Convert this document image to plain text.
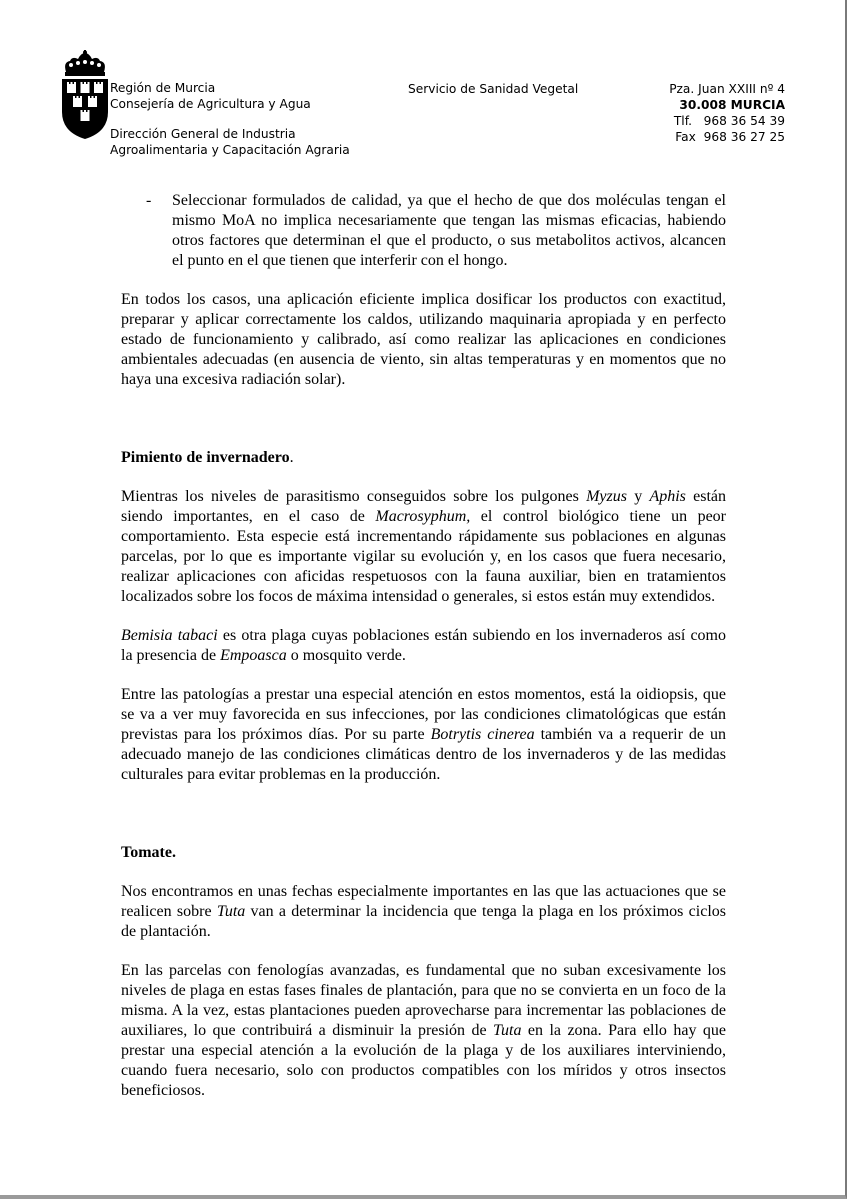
Región de Murcia
Consejería de Agricultura y Agua
Dirección General de Industria
Agroalimentaria y Capacitación Agraria
Servicio de Sanidad Vegetal	Pza. Juan XXIII nº 4
30.008 MURCIA
Tlf.   968 36 54 39
Fax  968 36 27 25

- Seleccionar formulados de calidad, ya que el hecho de que dos moléculas tengan el mismo MoA no implica necesariamente que tengan las mismas eficacias, habiendo otros factores que determinan el que el producto, o sus metabolitos activos, alcancen el punto en el que tienen que interferir con el hongo.

En todos los casos, una aplicación eficiente implica dosificar los productos con exactitud, preparar y aplicar correctamente los caldos, utilizando maquinaria apropiada y en perfecto estado de funcionamiento y calibrado, así como realizar las aplicaciones en condiciones ambientales adecuadas (en ausencia de viento, sin altas temperaturas y en momentos que no haya una excesiva radiación solar).

Pimiento de invernadero.

Mientras los niveles de parasitismo conseguidos sobre los pulgones Myzus y Aphis están siendo importantes, en el caso de Macrosyphum, el control biológico tiene un peor comportamiento. Esta especie está incrementando rápidamente sus poblaciones en algunas parcelas, por lo que es importante vigilar su evolución y, en los casos que fuera necesario, realizar aplicaciones con aficidas respetuosos con la fauna auxiliar, bien en tratamientos localizados sobre los focos de máxima intensidad o generales, si estos están muy extendidos.

Bemisia tabaci es otra plaga cuyas poblaciones están subiendo en los invernaderos así como la presencia de Empoasca o mosquito verde.

Entre las patologías a prestar una especial atención en estos momentos, está la oidiopsis, que se va a ver muy favorecida en sus infecciones, por las condiciones climatológicas que están previstas para los próximos días. Por su parte Botrytis cinerea también va a requerir de un adecuado manejo de las condiciones climáticas dentro de los invernaderos y de las medidas culturales para evitar problemas en la producción.

Tomate.

Nos encontramos en unas fechas especialmente importantes en las que las actuaciones que se realicen sobre Tuta van a determinar la incidencia que tenga la plaga en los próximos ciclos de plantación.

En las parcelas con fenologías avanzadas, es fundamental que no suban excesivamente los niveles de plaga en estas fases finales de plantación, para que no se convierta en un foco de la misma. A la vez, estas plantaciones pueden aprovecharse para incrementar las poblaciones de auxiliares, lo que contribuirá a disminuir la presión de Tuta en la zona. Para ello hay que prestar una especial atención a la evolución de la plaga y de los auxiliares interviniendo, cuando fuera necesario, solo con productos compatibles con los míridos y otros insectos beneficiosos.
